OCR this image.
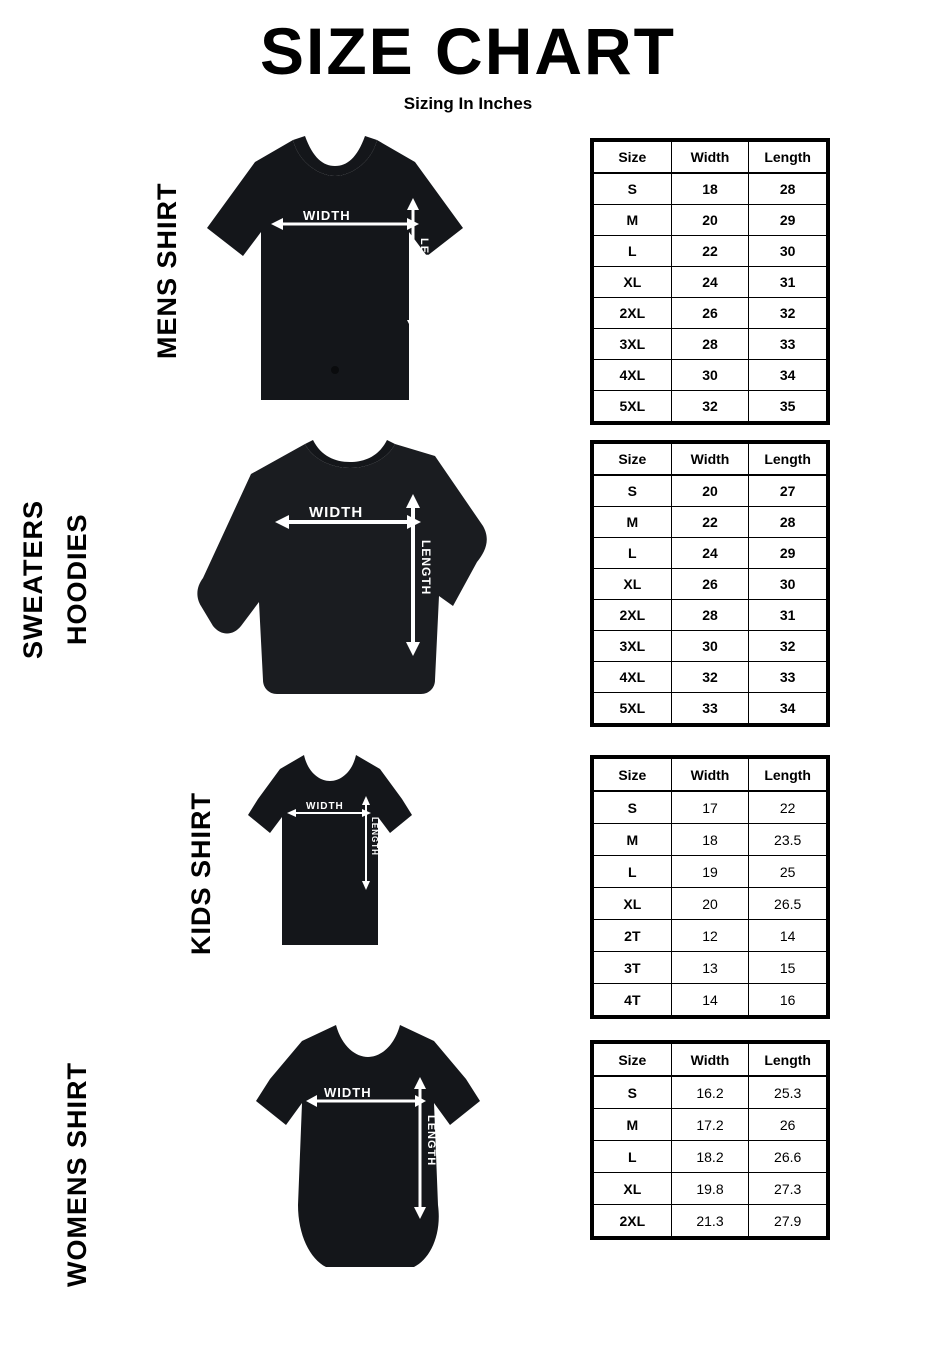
SIZE CHART
Sizing In Inches
MENS SHIRT	WIDTH
LENGTH
Size	Width	Length
S	18	28
M	20	29
L	22	30
XL	24	31
2XL	26	32
3XL	28	33
4XL	30	34
5XL	32	35
SWEATERS HOODIES
WIDTH
LENGTH
Size	Width	Length
S	20	27
M	22	28
L	24	29
XL	26	30
2XL	28	31
3XL	30	32
4XL	32	33
5XL	33	34
KIDS SHIRT	WIDTH
LENGTH
Size	Width	Length
S	17	22
M	18	23.5
L	19	25
XL	20	26.5
2T	12	14
3T	13	15
4T	14	16
WOMENS SHIRT	WIDTH
LENGTH
Size	Width	Length
S	16.2	25.3
M	17.2	26
L	18.2	26.6
XL	19.8	27.3
2XL	21.3	27.9
